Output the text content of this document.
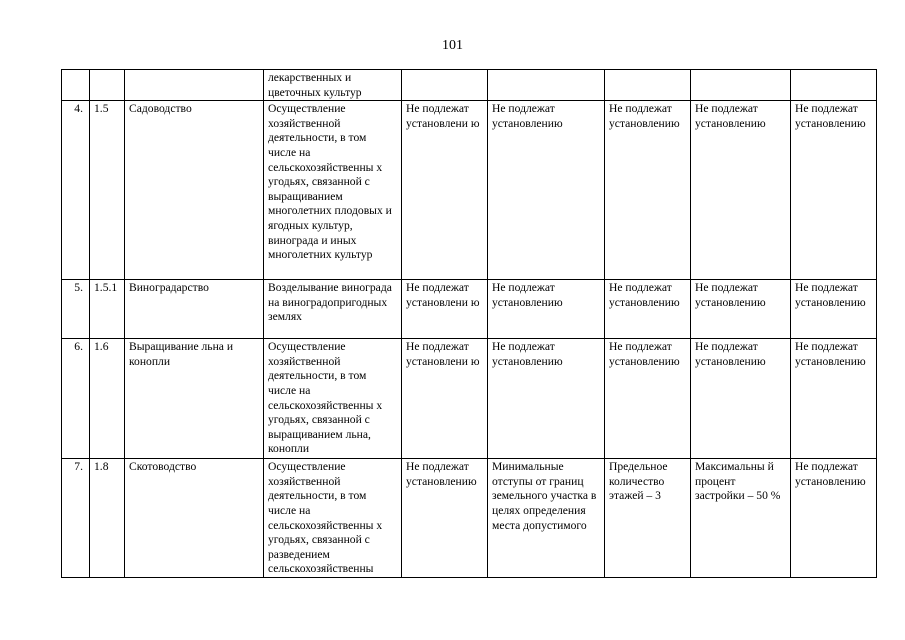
101
			лекарственных и цветочных культур					
4.	1.5	Садоводство	Осуществление хозяйственной деятельности, в том числе на сельскохозяйственны х угодьях, связанной с выращиванием многолетних плодовых и ягодных культур, винограда и иных многолетних культур	Не подлежат установлени ю	Не подлежат установлению	Не подлежат установлению	Не подлежат установлению	Не подлежат установлению
5.	1.5.1	Виноградарство	Возделывание винограда на виноградопригодных землях	Не подлежат установлени ю	Не подлежат установлению	Не подлежат установлению	Не подлежат установлению	Не подлежат установлению
6.	1.6	Выращивание льна и конопли	Осуществление хозяйственной деятельности, в том числе на сельскохозяйственны х угодьях, связанной с выращиванием льна, конопли	Не подлежат установлени ю	Не подлежат установлению	Не подлежат установлению	Не подлежат установлению	Не подлежат установлению
7.	1.8	Скотоводство	Осуществление хозяйственной деятельности, в том числе на сельскохозяйственны х угодьях, связанной с разведением сельскохозяйственны	Не подлежат установлению	Минимальные отступы от границ земельного участка в целях определения места допустимого	Предельное количество этажей – 3	Максимальны й процент застройки – 50 %	Не подлежат установлению
